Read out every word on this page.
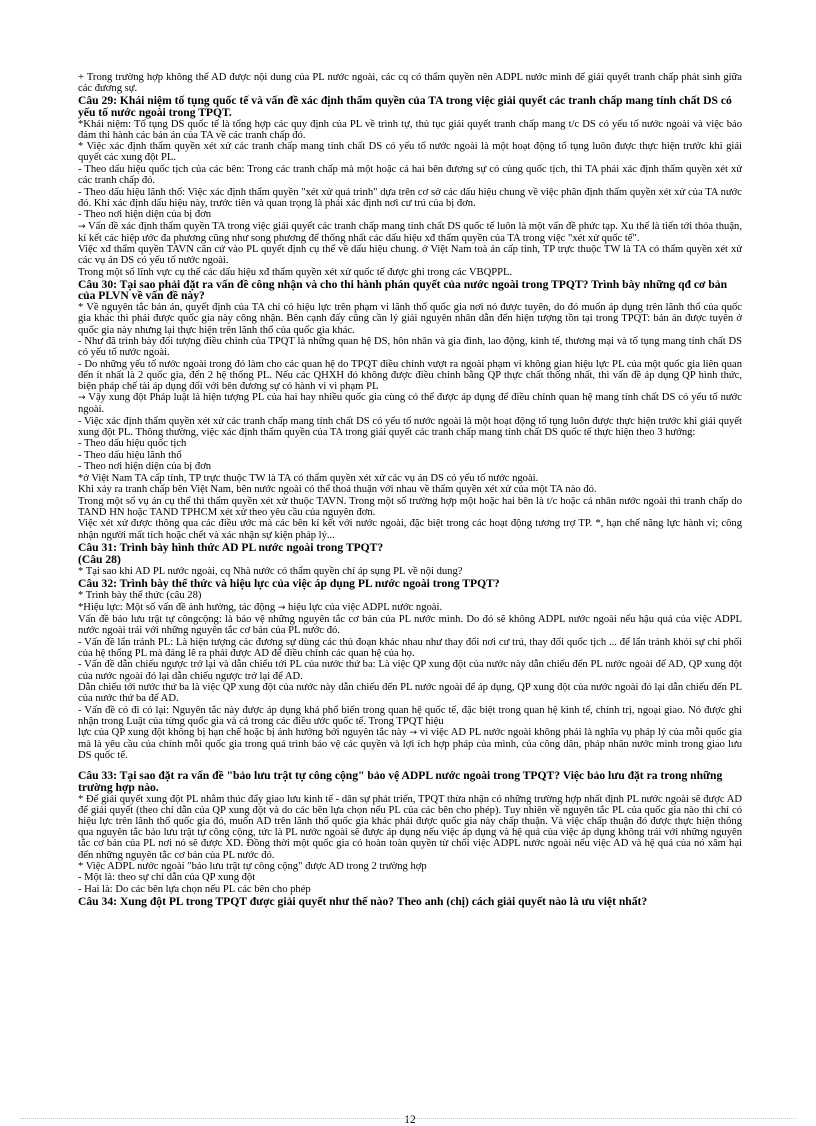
+ Trong trường hợp không thể AD được nội dung của PL nước ngoài, các cq có thẩm quyền nên ADPL nước mình để giải quyết tranh chấp phát sinh giữa các đương sự.

Câu 29: Khái niệm tố tụng quốc tế và vấn đề xác định thẩm quyền của TA trong việc giải quyết các tranh chấp mang tính chất DS có yếu tố nước ngoài trong TPQT.

*Khái niệm: Tố tụng DS quốc tế là tổng hợp các quy định của PL về trình tự, thủ tục giải quyết tranh chấp mang t/c DS có yếu tố nước ngoài và việc bảo đảm thi hành các bản án của TA về các tranh chấp đó.

* Việc xác định thẩm quyền xét xử các tranh chấp mang tính chất DS có yếu tố nước ngoài là một hoạt động tố tụng luôn được thực hiện trước khi giải quyết các xung đột PL.

- Theo dấu hiệu quốc tịch của các bên: Trong các tranh chấp mà một hoặc cả hai bên đương sự có cùng quốc tịch, thì TA phải xác định thẩm quyền xét xử các tranh chấp đó.

- Theo dấu hiệu lãnh thổ: Việc xác định thẩm quyền "xét xử quá trình" dựa trên cơ sở các dấu hiệu chung về việc phân định thẩm quyền xét xử của TA nước đó. Khi xác định dấu hiệu này, trước tiên và quan trọng là phải xác định nơi cư trú của bị đơn.

- Theo nơi hiện diện của bị đơn

→ Vấn đề xác định thẩm quyền TA trong việc giải quyết các tranh chấp mang tính chất DS quốc tế luôn là một vấn đề phức tạp. Xu thế là tiến tới thỏa thuận, kí kết các hiệp ước đa phương cũng như song phương để thống nhất các dấu hiệu xđ thẩm quyền của TA trong việc "xét xử quốc tế".

Việc xđ thẩm quyền TAVN căn cứ vào PL quyết định cụ thể về dấu hiệu chung. ở Việt Nam toà án cấp tỉnh, TP trực thuộc TW là TA có thẩm quyền xét xử các vụ án DS có yếu tố nước ngoài.

Trong một số lĩnh vực cụ thể các dấu hiệu xđ thẩm quyền xét xử quốc tế được ghi trong các VBQPPL.

Câu 30: Tại sao phải đặt ra vấn đề công nhận và cho thi hành phán quyết của nước ngoài trong TPQT? Trình bày những qđ cơ bản của PLVN về vấn đề này?

* Về nguyên tắc bản án, quyết định của TA chỉ có hiệu lực trên phạm vi lãnh thổ quốc gia nơi nó được tuyên, do đó muốn áp dụng trên lãnh thổ của quốc gia khác thì phải được quốc gia này công nhận. Bên cạnh đấy cũng cần lý giải nguyên nhân dẫn đến hiện tượng tồn tại trong TPQT: bản án được tuyên ở quốc gia này nhưng lại thực hiện trên lãnh thổ của quốc gia khác.

- Như đã trình bày đối tượng điều chỉnh của TPQT là những quan hệ DS, hôn nhân và gia đình, lao động, kinh tế, thương mại và tố tụng mang tính chất DS có yếu tố nước ngoài.

- Do những yếu tố nước ngoài trong đó làm cho các quan hệ do TPQT điều chỉnh vượt ra ngoài phạm vi không gian hiệu lực PL của một quốc gia liên quan đến ít nhất là 2 quốc gia, đến 2 hệ thống PL. Nếu các QHXH đó không được điều chỉnh bằng QP thực chất thống nhất, thì vấn đề áp dụng QP hình thức, biện pháp chế tài áp dụng đối với bên đương sự có hành vi vi phạm PL

→ Vậy xung đột Pháp luật là hiện tượng PL của hai hay nhiều quốc gia cùng có thể được áp dụng để điều chỉnh quan hệ mang tính chất DS có yếu tố nước ngoài.

- Việc xác định thẩm quyền xét xử các tranh chấp mang tính chất DS có yếu tố nước ngoài là một hoạt động tố tụng luôn được thực hiện trước khi giải quyết xung đột PL. Thông thường, việc xác định thẩm quyền của TA trong giải quyết các tranh chấp mang tính chất DS quốc tế thực hiện theo 3 hướng:

- Theo dấu hiệu quốc tịch

- Theo dấu hiệu lãnh thổ

- Theo nơi hiện diện của bị đơn

*ở Việt Nam TA cấp tỉnh, TP trực thuộc TW là TA có thẩm quyền xét xử các vụ án DS có yếu tố nước ngoài.

Khi xảy ra tranh chấp bên Việt Nam, bên nước ngoài có thể thoả thuận với nhau về thẩm quyền xét xử của một TA nào đó.

Trong một số vụ án cụ thể thì thẩm quyền xét xử thuộc TAVN. Trong một số trường hợp một hoặc hai bên là t/c hoặc cá nhân nước ngoài thì tranh chấp do TAND HN hoặc TAND TPHCM xét xử theo yêu cầu của nguyên đơn.

Việc xét xử được thông qua các điều ước mà các bên kí kết với nước ngoài, đặc biệt trong các hoạt động tương trợ TP. *, hạn chế năng lực hành vi; công nhận người mất tích hoặc chết và xác nhận sự kiện pháp lý...

Câu 31: Trình bày hình thức AD PL nước ngoài trong TPQT?

(Câu 28)

* Tại sao khi AD PL nước ngoài, cq Nhà nước có thẩm quyền chỉ áp sụng PL về nội dung?

Câu 32: Trình bày thể thức và hiệu lực của việc áp dụng PL nước ngoài trong TPQT?

* Trình bày thể thức (câu 28)

*Hiệu lực: Một số vấn đề ảnh hưởng, tác động → hiệu lực của việc ADPL nước ngoài.

Vấn đề bảo lưu trật tự côngcộng: là bảo vệ những nguyên tắc cơ bản của PL nước mình. Do đó sẽ không ADPL nước ngoài nếu hậu quả của việc ADPL nước ngoài trái với những nguyên tắc cơ bản của PL nước đó.

- Vấn đề lẩn tránh PL: Là hiện tượng các đương sự dùng các thủ đoạn khác nhau như thay đổi nơi cư trú, thay đổi quốc tịch ... để lẩn tránh khỏi sự chi phối của hệ thống PL mà đáng lẽ ra phải được AD để điều chỉnh các quan hệ của họ.

- Vấn đề dẫn chiếu ngược trở lại và dẫn chiếu tới PL của nước thứ ba: Là việc QP xung đột của nước này dẫn chiếu đến PL nước ngoài để AD, QP xung đột của nước ngoài đó lại dẫn chiếu ngược trở lại để AD.

Dẫn chiếu tới nước thứ ba là việc QP xung đột của nước này dẫn chiếu đến PL nước ngoài để áp dụng, QP xung đột của nước ngoài đó lại dẫn chiếu đến PL của nước thứ ba để AD.

- Vấn đề có đi có lại: Nguyên tắc này được áp dụng khá phổ biến trong quan hệ quốc tế, đặc biệt trong quan hệ kinh tế, chính trị, ngoại giao. Nó được ghi nhận trong Luật của từng quốc gia và cả trong các điều ước quốc tế. Trong TPQT hiệu

lực của QP xung đột không bị hạn chế hoặc bị ảnh hưởng bởi nguyên tắc này → vì việc AD PL nước ngoài không phải là nghĩa vụ pháp lý của mỗi quốc gia mà là yêu cầu của chính mỗi quốc gia trong quá trình bảo vệ các quyền và lợi ích hợp pháp của mình, của công dân, pháp nhân nước mình trong giao lưu DS quốc tế.

Câu 33: Tại sao đặt ra vấn đề "bảo lưu trật tự công cộng" bảo vệ ADPL nước ngoài trong TPQT? Việc bảo lưu đặt ra trong những trường hợp nào.

* Để giải quyết xung đột PL nhằm thúc đẩy giao lưu kinh tế - dân sự phát triển, TPQT thừa nhận có những trường hợp nhất định PL nước ngoài sẽ được AD để giải quyết (theo chỉ dẫn của QP xung đột và do các bên lựa chọn nếu PL của các bên cho phép). Tuy nhiên về nguyên tắc PL của quốc gia nào thì chỉ có hiệu lực trên lãnh thổ quốc gia đó, muốn AD trên lãnh thổ quốc gia khác phải được quốc gia này chấp thuận. Và việc chấp thuận đó được thực hiện thông qua nguyên tắc bảo lưu trật tự công cộng, tức là PL nước ngoài sẽ được áp dụng nếu việc áp dụng và hệ quả của việc áp dụng không trái với những nguyên tắc cơ bản của PL nơi nó sẽ được XD. Đồng thời một quốc gia có hoàn toàn quyền từ chối việc ADPL nước ngoài nếu việc AD và hệ quả của nó xâm hại đến những nguyên tắc cơ bản của PL nước đó.

* Việc ADPL nước ngoài "bảo lưu trật tự công cộng" được AD trong 2 trường hợp

- Một là: theo sự chỉ dẫn của QP xung đột

- Hai là: Do các bên lựa chọn nếu PL các bên cho phép

Câu 34: Xung đột PL trong TPQT được giải quyết như thế nào? Theo anh (chị) cách giải quyết nào là ưu việt nhất?

12
